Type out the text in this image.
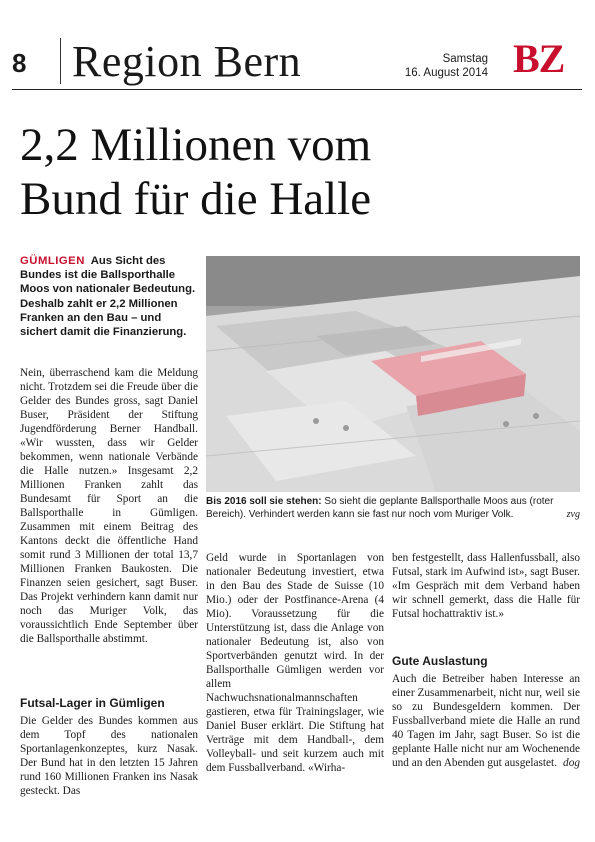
8 Region Bern	Samstag
16. August 2014 BZ
2,2 Millionen vom
Bund für die Halle
GÜMLIGEN Aus Sicht des Bundes ist die Ballsporthalle Moos von nationaler Bedeutung. Deshalb zahlt er 2,2 Millionen Franken an den Bau – und sichert damit die Finanzierung.

Nein, überraschend kam die Meldung nicht. Trotzdem sei die Freude über die Gelder des Bundes gross, sagt Daniel Buser, Präsident der Stiftung Jugendförderung Berner Handball. «Wir wussten, dass wir Gelder bekommen, wenn nationale Verbände die Halle nutzen.» Insgesamt 2,2 Millionen Franken zahlt das Bundesamt für Sport an die Ballsporthalle in Gümligen. Zusammen mit einem Beitrag des Kantons deckt die öffentliche Hand somit rund 3 Millionen der total 13,7 Millionen Franken Baukosten. Die Finanzen seien gesichert, sagt Buser. Das Projekt verhindern kann damit nur noch das Muriger Volk, das voraussichtlich Ende September über die Ballsporthalle abstimmt.

Futsal-Lager in Gümligen

Die Gelder des Bundes kommen aus dem Topf des nationalen Sportanlagenkonzeptes, kurz Nasak. Der Bund hat in den letzten 15 Jahren rund 160 Millionen Franken ins Nasak gesteckt. Das

Bis 2016 soll sie stehen: So sieht die geplante Ballsporthalle Moos aus (roter Bereich). Verhindert werden kann sie fast nur noch vom Muriger Volk.	zvg

Geld wurde in Sportanlagen von nationaler Bedeutung investiert, etwa in den Bau des Stade de Suisse (10 Mio.) oder der Postfinance-Arena (4 Mio). Voraussetzung für die Unterstützung ist, dass die Anlage von nationaler Bedeutung ist, also von Sportverbänden genutzt wird. In der Ballsporthalle Gümligen werden vor allem Nachwuchsnationalmannschaften gastieren, etwa für Trainingslager, wie Daniel Buser erklärt. Die Stiftung hat Verträge mit dem Handball-, dem Volleyball- und seit kurzem auch mit dem Fussballverband. «Wirha-

Gute Auslastung

Auch die Betreiber haben Interesse an einer Zusammenarbeit, nicht nur, weil sie so zu Bundesgeldern kommen. Der Fussballverband miete die Halle an rund 40 Tagen im Jahr, sagt Buser. So ist die geplante Halle nicht nur am Wochenende und an den Abenden gut ausgelastet. dog

ben festgestellt, dass Hallenfussball, also Futsal, stark im Aufwind ist», sagt Buser. «Im Gespräch mit dem Verband haben wir schnell gemerkt, dass die Halle für Futsal hochattraktiv ist.»
